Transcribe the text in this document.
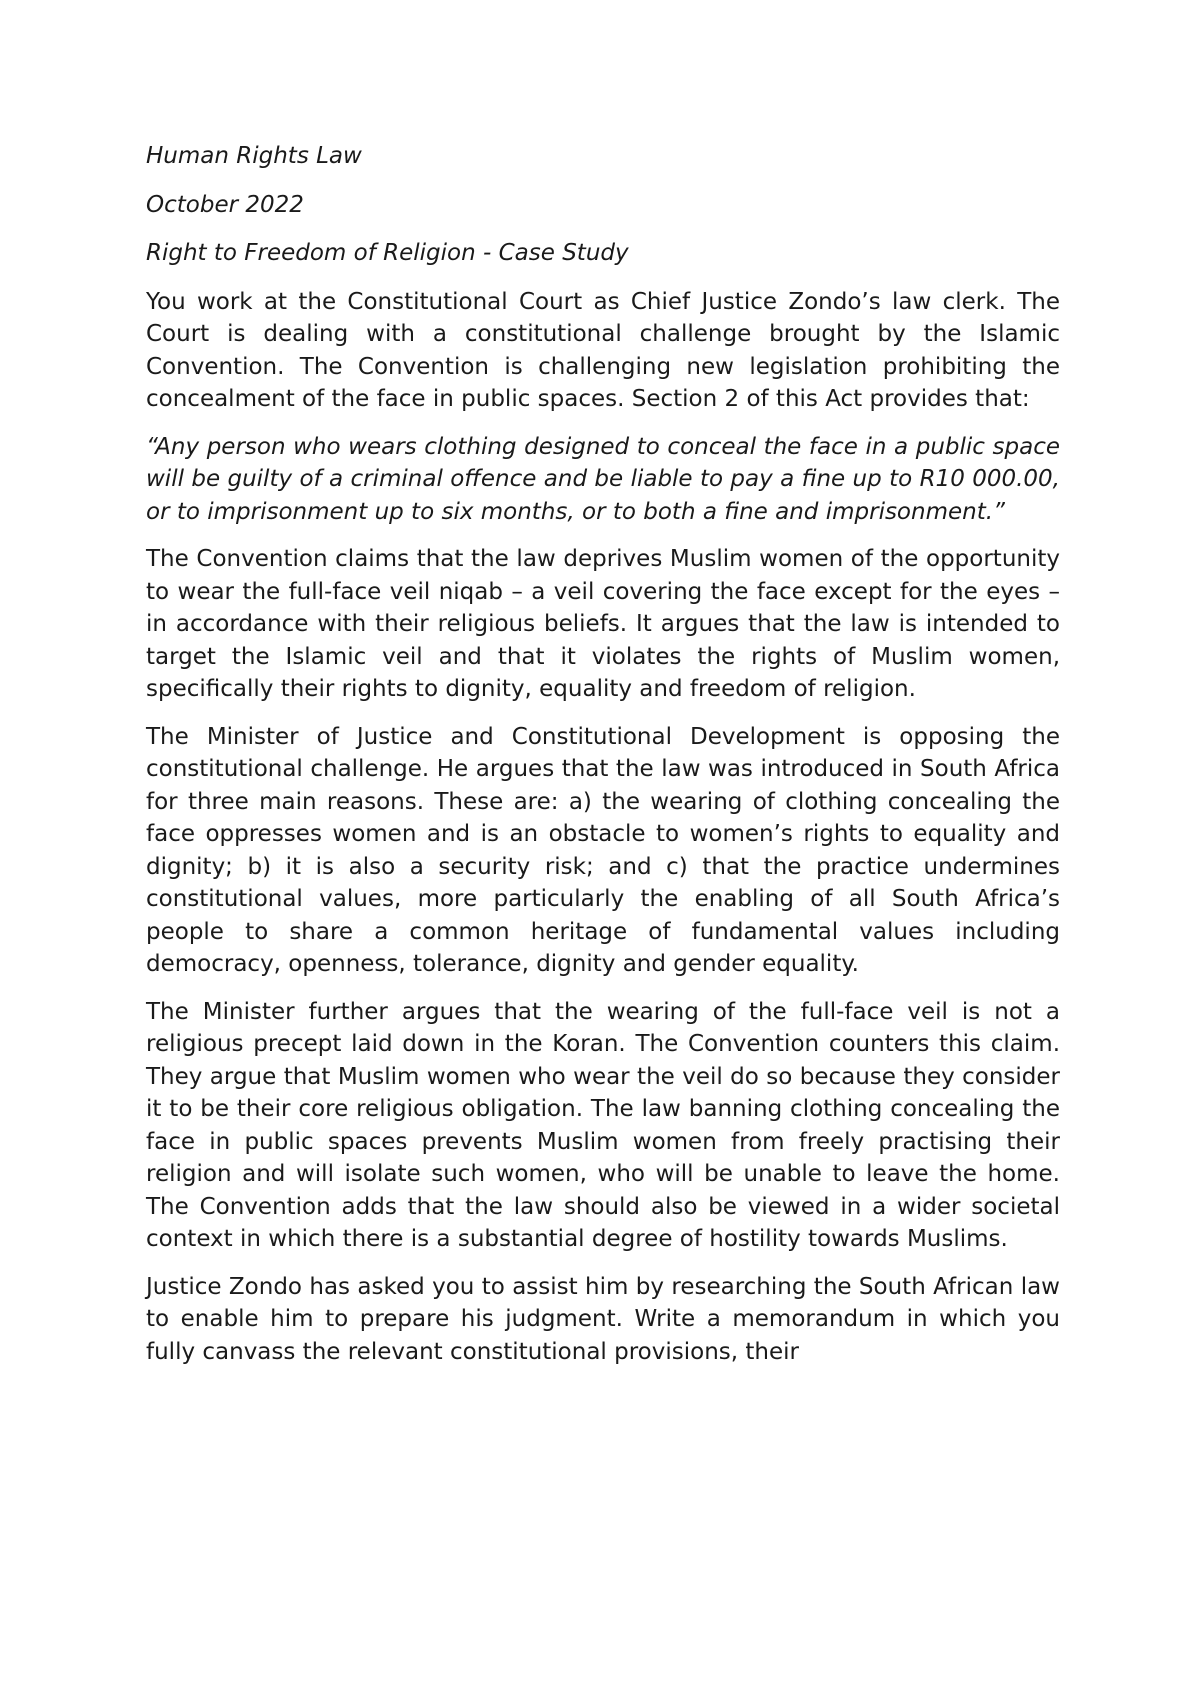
Human Rights Law

October 2022

Right to Freedom of Religion - Case Study

You work at the Constitutional Court as Chief Justice Zondo’s law clerk. The Court is dealing with a constitutional challenge brought by the Islamic Convention. The Convention is challenging new legislation prohibiting the concealment of the face in public spaces. Section 2 of this Act provides that:

“Any person who wears clothing designed to conceal the face in a public space will be guilty of a criminal offence and be liable to pay a fine up to R10 000.00, or to imprisonment up to six months, or to both a fine and imprisonment.”

The Convention claims that the law deprives Muslim women of the opportunity to wear the full-face veil niqab – a veil covering the face except for the eyes – in accordance with their religious beliefs. It argues that the law is intended to target the Islamic veil and that it violates the rights of Muslim women, specifically their rights to dignity, equality and freedom of religion.

The Minister of Justice and Constitutional Development is opposing the constitutional challenge. He argues that the law was introduced in South Africa for three main reasons. These are: a) the wearing of clothing concealing the face oppresses women and is an obstacle to women’s rights to equality and dignity; b) it is also a security risk; and c) that the practice undermines constitutional values, more particularly the enabling of all South Africa’s people to share a common heritage of fundamental values including democracy, openness, tolerance, dignity and gender equality.

The Minister further argues that the wearing of the full-face veil is not a religious precept laid down in the Koran. The Convention counters this claim. They argue that Muslim women who wear the veil do so because they consider it to be their core religious obligation. The law banning clothing concealing the face in public spaces prevents Muslim women from freely practising their religion and will isolate such women, who will be unable to leave the home. The Convention adds that the law should also be viewed in a wider societal context in which there is a substantial degree of hostility towards Muslims.

Justice Zondo has asked you to assist him by researching the South African law to enable him to prepare his judgment. Write a memorandum in which you fully canvass the relevant constitutional provisions, their
